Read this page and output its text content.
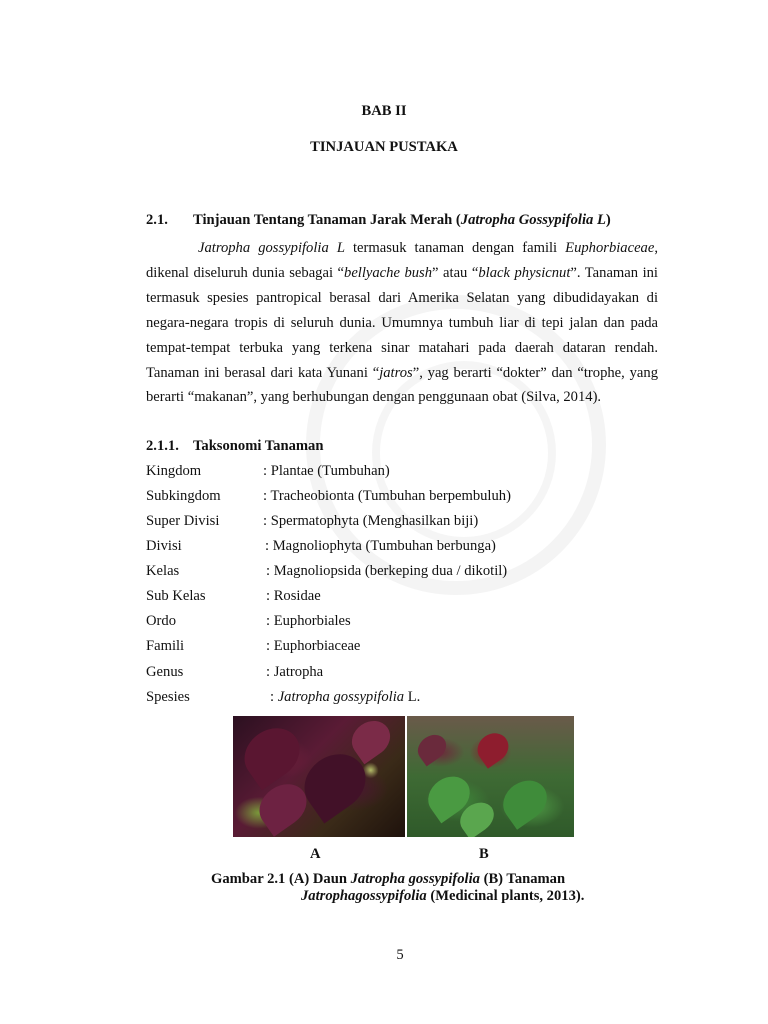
BAB II
TINJAUAN PUSTAKA
2.1. Tinjauan Tentang Tanaman Jarak Merah (Jatropha Gossypifolia L)

Jatropha gossypifolia L termasuk tanaman dengan famili Euphorbiaceae, dikenal diseluruh dunia sebagai “bellyache bush” atau “black physicnut”. Tanaman ini termasuk spesies pantropical berasal dari Amerika Selatan yang dibudidayakan di negara-negara tropis di seluruh dunia. Umumnya tumbuh liar di tepi jalan dan pada tempat-tempat terbuka yang terkena sinar matahari pada daerah dataran rendah. Tanaman ini berasal dari kata Yunani “jatros”, yag berarti “dokter” dan “trophe, yang berarti “makanan”, yang berhubungan dengan penggunaan obat (Silva, 2014).

2.1.1. Taksonomi Tanaman
Kingdom	: Plantae (Tumbuhan)
Subkingdom	: Tracheobionta (Tumbuhan berpembuluh)
Super Divisi	: Spermatophyta (Menghasilkan biji)
Divisi	: Magnoliophyta (Tumbuhan berbunga)
Kelas	: Magnoliopsida (berkeping dua / dikotil)
Sub Kelas	: Rosidae
Ordo	: Euphorbiales
Famili	: Euphorbiaceae
Genus	: Jatropha
Spesies	: Jatropha gossypifolia L.
A	B
Gambar 2.1 (A) Daun Jatropha gossypifolia (B) Tanaman
Jatrophagossypifolia (Medicinal plants, 2013).
5
